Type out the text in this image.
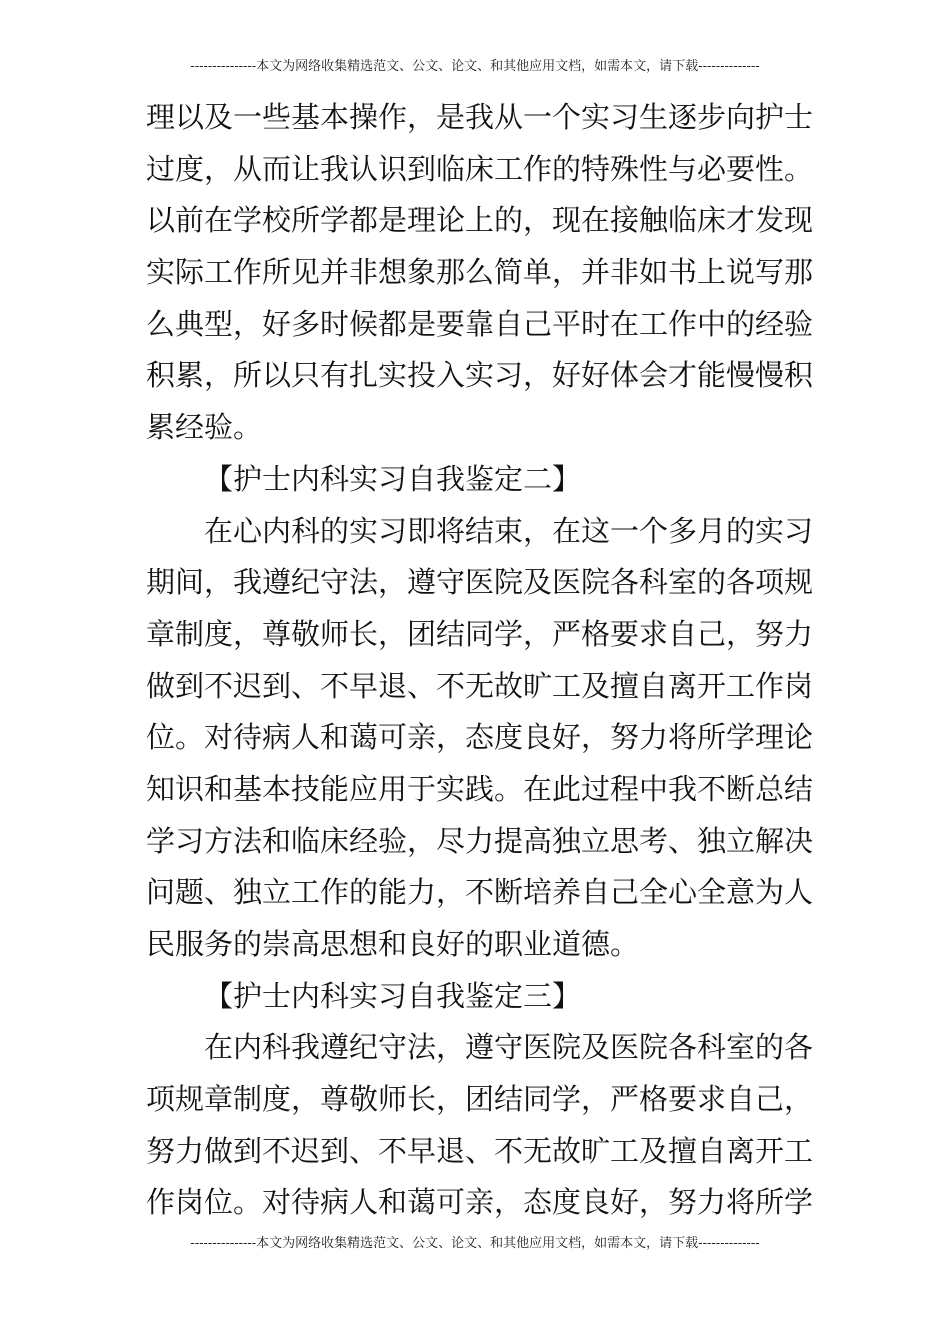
---------------本文为网络收集精选范文、公文、论文、和其他应用文档，如需本文，请下载--------------
理以及一些基本操作，是我从一个实习生逐步向护士
过度，从而让我认识到临床工作的特殊性与必要性。
以前在学校所学都是理论上的，现在接触临床才发现
实际工作所见并非想象那么简单，并非如书上说写那
么典型，好多时候都是要靠自己平时在工作中的经验
积累，所以只有扎实投入实习，好好体会才能慢慢积
累经验。
【护士内科实习自我鉴定二】
在心内科的实习即将结束，在这一个多月的实习
期间，我遵纪守法，遵守医院及医院各科室的各项规
章制度，尊敬师长，团结同学，严格要求自己，努力
做到不迟到、不早退、不无故旷工及擅自离开工作岗
位。对待病人和蔼可亲，态度良好，努力将所学理论
知识和基本技能应用于实践。在此过程中我不断总结
学习方法和临床经验，尽力提高独立思考、独立解决
问题、独立工作的能力，不断培养自己全心全意为人
民服务的崇高思想和良好的职业道德。
【护士内科实习自我鉴定三】
在内科我遵纪守法，遵守医院及医院各科室的各
项规章制度，尊敬师长，团结同学，严格要求自己，
努力做到不迟到、不早退、不无故旷工及擅自离开工
作岗位。对待病人和蔼可亲，态度良好，努力将所学
---------------本文为网络收集精选范文、公文、论文、和其他应用文档，如需本文，请下载--------------
